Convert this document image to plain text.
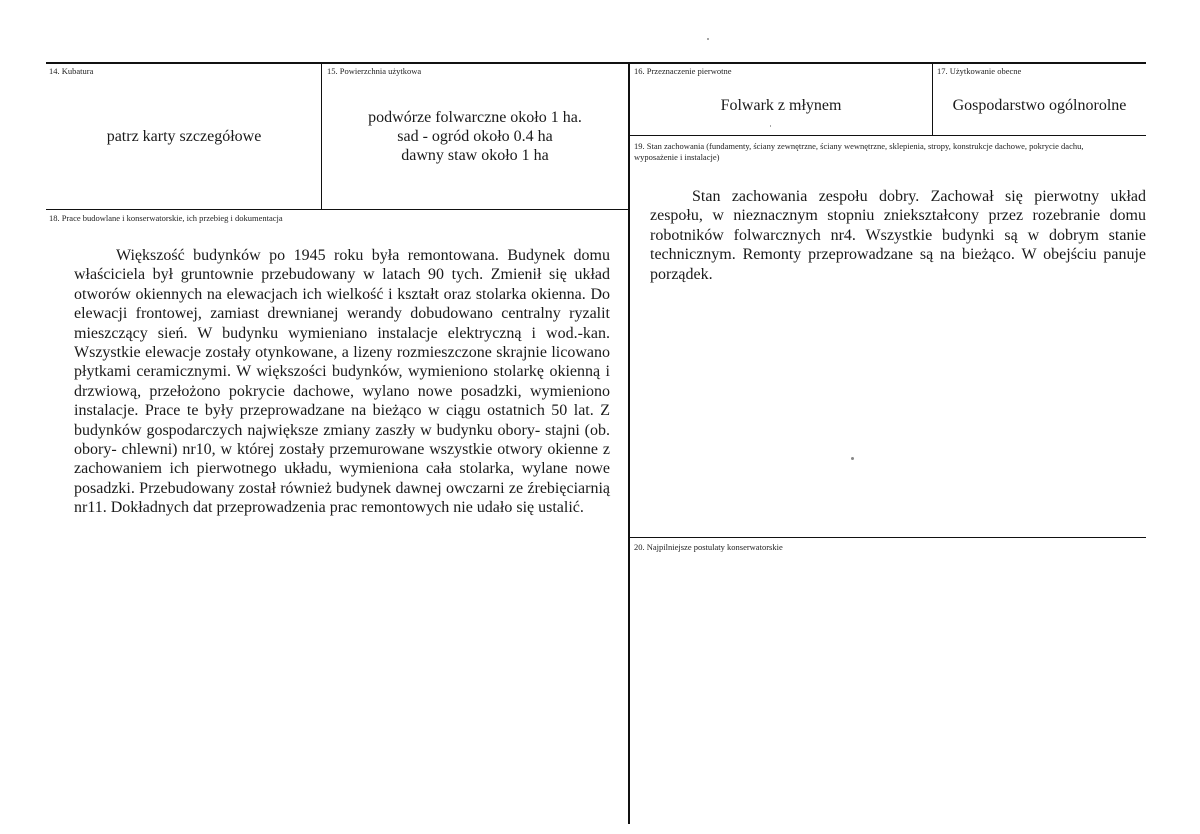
14. Kubatura
patrz karty szczegółowe
15. Powierzchnia użytkowa
podwórze folwarczne około 1 ha.
sad - ogród około 0.4 ha
dawny staw około 1 ha
16. Przeznaczenie pierwotne
Folwark z młynem
17. Użytkowanie obecne
Gospodarstwo ogólnorolne
18. Prace budowlane i konserwatorskie, ich przebieg i dokumentacja

Większość budynków po 1945 roku była remontowana. Budynek domu właściciela był gruntownie przebudowany w latach 90 tych. Zmienił się układ otworów okiennych na elewacjach ich wielkość i kształt oraz stolarka okienna. Do elewacji frontowej, zamiast drewnianej werandy dobudowano centralny ryzalit mieszczący sień. W budynku wymieniano instalacje elektryczną i wod.-kan. Wszystkie elewacje zostały otynkowane, a lizeny rozmieszczone skrajnie licowano płytkami ceramicznymi. W większości budynków, wymieniono stolarkę okienną i drzwiową, przełożono pokrycie dachowe, wylano nowe posadzki, wymieniono instalacje. Prace te były przeprowadzane na bieżąco w ciągu ostatnich 50 lat. Z budynków gospodarczych największe zmiany zaszły w budynku obory- stajni (ob. obory- chlewni) nr10, w której zostały przemurowane wszystkie otwory okienne z zachowaniem ich pierwotnego układu, wymieniona cała stolarka, wylane nowe posadzki. Przebudowany został również budynek dawnej owczarni ze źrebięciarnią nr11. Dokładnych dat przeprowadzenia prac remontowych nie udało się ustalić.

19. Stan zachowania (fundamenty, ściany zewnętrzne, ściany wewnętrzne, sklepienia, stropy, konstrukcje dachowe, pokrycie dachu, wyposażenie i instalacje)

Stan zachowania zespołu dobry. Zachował się pierwotny układ zespołu, w nieznacznym stopniu zniekształcony przez rozebranie domu robotników folwarcznych nr4. Wszystkie budynki są w dobrym stanie technicznym. Remonty przeprowadzane są na bieżąco. W obejściu panuje porządek.

20. Najpilniejsze postulaty konserwatorskie
